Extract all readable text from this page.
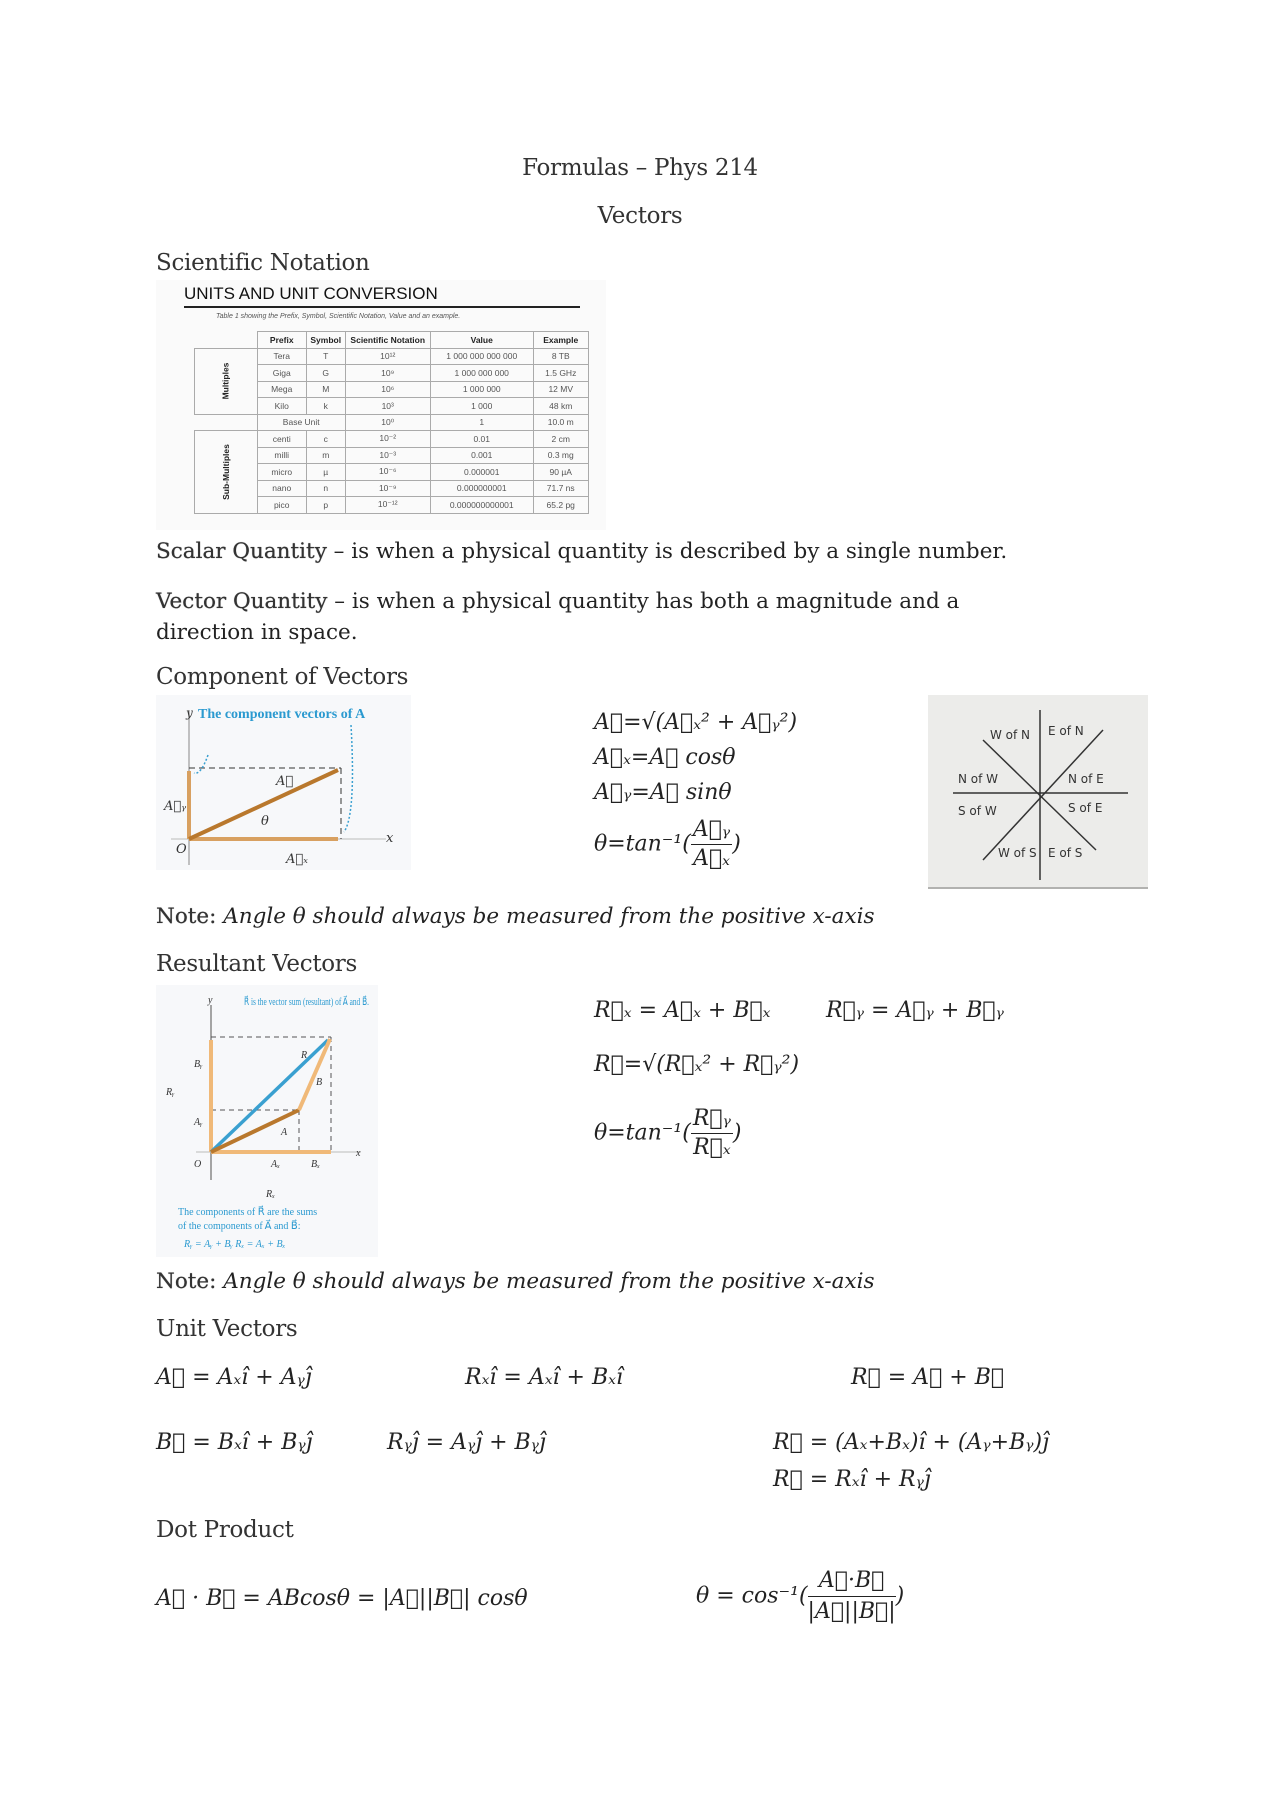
Formulas – Phys 214
Vectors
Scientific Notation
UNITS AND UNIT CONVERSION
Table 1 showing the Prefix, Symbol, Scientific Notation, Value and an example.
	Prefix	Symbol	Scientific Notation	Value	Example
Multiples	Tera	T	10¹²	1 000 000 000 000	8 TB
	Giga	G	10⁹	1 000 000 000	1.5 GHz
	Mega	M	10⁶	1 000 000	12 MV
	Kilo	k	10³	1 000	48 km
	Base Unit		10⁰	1	10.0 m
Sub-Multiples	centi	c	10⁻²	0.01	2 cm
	milli	m	10⁻³	0.001	0.3 mg
	micro	µ	10⁻⁶	0.000001	90 µA
	nano	n	10⁻⁹	0.000000001	71.7 ns
	pico	p	10⁻¹²	0.000000000001	65.2 pg
Scalar Quantity – is when a physical quantity is described by a single number.
Vector Quantity – is when a physical quantity has both a magnitude and a direction in space.
Component of Vectors
y The component vectors of A⃗
x
O
A⃗
A⃗ᵧ
A⃗ₓ
θ
A⃗=√(A⃗ₓ² + A⃗ᵧ²)
A⃗ₓ=A⃗ cosθ
A⃗ᵧ=A⃗ sinθ
$\theta=\tan^{-1}( \frac{\text{A⃗ᵧ}}{\text{A⃗ₓ}}$ )
W of N E of N
N of W	N of E
S of W	S of E
W of S E of S
Note: Angle θ should always be measured from the positive x-axis
Resultant Vectors
y
x
O
R⃗
A⃗
B⃗
Bᵧ
Aᵧ
Rᵧ
Aₓ	Bₓ
Rₓ
R⃗ is the vector sum (resultant) of A⃗ and B⃗.
The components of R⃗ are the sums
of the components of A⃗ and B⃗:
Rᵧ = Aᵧ + Bᵧ Rₓ = Aₓ + Bₓ
R⃗ₓ = A⃗ₓ + B⃗ₓ	R⃗ᵧ = A⃗ᵧ + B⃗ᵧ
R⃗=√(R⃗ₓ² + R⃗ᵧ²)
$\theta=\tan^{-1}( \frac{\text{R⃗ᵧ}}{\text{R⃗ₓ}}$ )
Note: Angle θ should always be measured from the positive x-axis
Unit Vectors
A⃗ = Aₓî + Aᵧĵ	Rₓî = Aₓî + Bₓî	R⃗ = A⃗ + B⃗
B⃗ = Bₓî + Bᵧĵ	Rᵧĵ = Aᵧĵ + Bᵧĵ	R⃗ = (Aₓ+Bₓ)î + (Aᵧ+Bᵧ)ĵ
R⃗ = Rₓî + Rᵧĵ
Dot Product
A⃗ · B⃗ = ABcosθ = |A⃗||B⃗| cosθ	$\theta = \cos^{-1}( \frac{A⃗\cdot B⃗}{|A⃗||B⃗|}$ )
